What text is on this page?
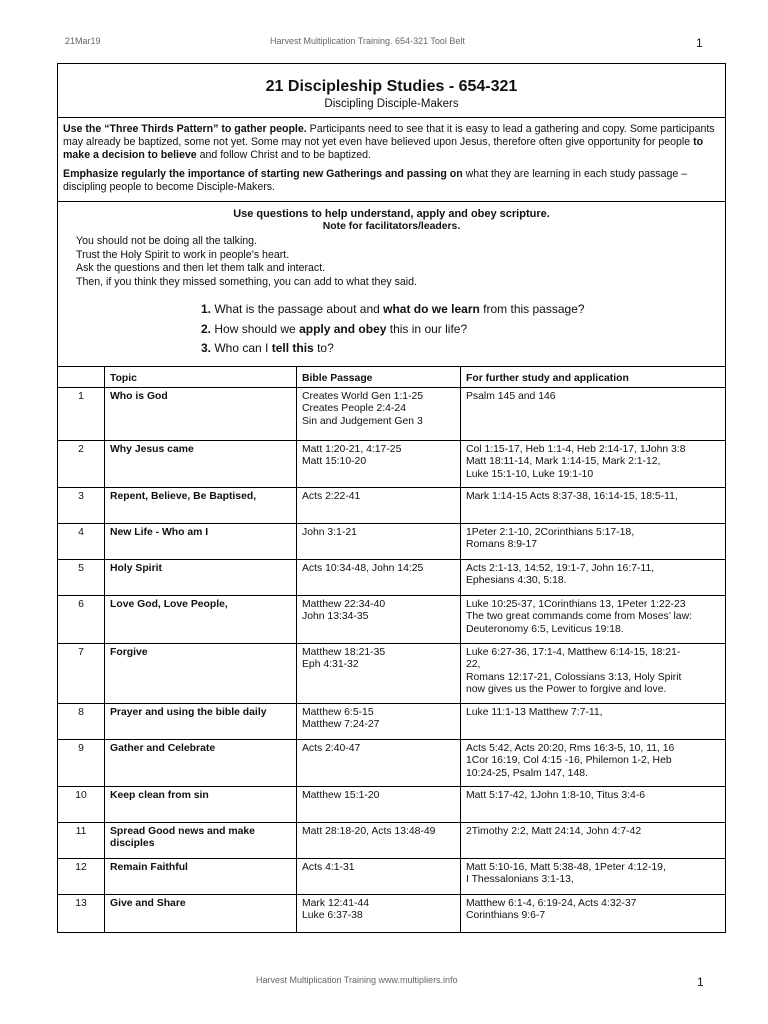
21Mar19	Harvest Multiplication Training. 654-321 Tool Belt	1
21 Discipleship Studies - 654-321
Discipling Disciple-Makers

Use the “Three Thirds Pattern” to gather people. Participants need to see that it is easy to lead a gathering and copy. Some participants may already be baptized, some not yet. Some may not yet even have believed upon Jesus, therefore often give opportunity for people to make a decision to believe and follow Christ and to be baptized.

Emphasize regularly the importance of starting new Gatherings and passing on what they are learning in each study passage – discipling people to become Disciple-Makers.

Use questions to help understand, apply and obey scripture.
Note for facilitators/leaders.
You should not be doing all the talking.
Trust the Holy Spirit to work in people’s heart.
Ask the questions and then let them talk and interact.
Then, if you think they missed something, you can add to what they said.
1. What is the passage about and what do we learn from this passage?
2. How should we apply and obey this in our life?
3. Who can I tell this to?
	Topic	Bible Passage	For further study and application
1	Who is God	Creates World Gen 1:1-25
Creates People 2:4-24
Sin and Judgement Gen 3	Psalm 145 and 146

2	Why Jesus came	Matt 1:20-21, 4:17-25
Matt 15:10-20	Col 1:15-17, Heb 1:1-4, Heb 2:14-17, 1John 3:8
Matt 18:11-14, Mark 1:14-15, Mark 2:1-12,
Luke 15:1-10, Luke 19:1-10

3	Repent, Believe, Be Baptised,	Acts 2:22-41	Mark 1:14-15 Acts 8:37-38, 16:14-15, 18:5-11,

4	New Life - Who am I	John 3:1-21	1Peter 2:1-10, 2Corinthians 5:17-18,
Romans 8:9-17

5	Holy Spirit	Acts 10:34-48, John 14:25	Acts 2:1-13, 14:52, 19:1-7, John 16:7-11,
Ephesians 4:30, 5:18.

6	Love God, Love People,	Matthew 22:34-40
John 13:34-35	Luke 10:25-37, 1Corinthians 13, 1Peter 1:22-23
The two great commands come from Moses’ law:
Deuteronomy 6:5, Leviticus 19:18.

7	Forgive	Matthew 18:21-35
Eph 4:31-32	Luke 6:27-36, 17:1-4, Matthew 6:14-15, 18:21-
22,
Romans 12:17-21, Colossians 3:13, Holy Spirit
now gives us the Power to forgive and love.

8	Prayer and using the bible daily	Matthew 6:5-15
Matthew 7:24-27	Luke 11:1-13 Matthew 7:7-11,

9	Gather and Celebrate	Acts 2:40-47	Acts 5:42, Acts 20:20, Rms 16:3-5, 10, 11, 16
1Cor 16:19, Col 4:15 -16, Philemon 1-2, Heb
10:24-25, Psalm 147, 148.

10	Keep clean from sin	Matthew 15:1-20	Matt 5:17-42, 1John 1:8-10, Titus 3:4-6

11	Spread Good news and make disciples	Matt 28:18-20, Acts 13:48-49	2Timothy 2:2, Matt 24:14, John 4:7-42

12	Remain Faithful	Acts 4:1-31	Matt 5:10-16, Matt 5:38-48, 1Peter 4:12-19,
I Thessalonians 3:1-13,

13	Give and Share	Mark 12:41-44
Luke 6:37-38	Matthew 6:1-4, 6:19-24, Acts 4:32-37
Corinthians 9:6-7
Harvest Multiplication Training www.multipliers.info	1
